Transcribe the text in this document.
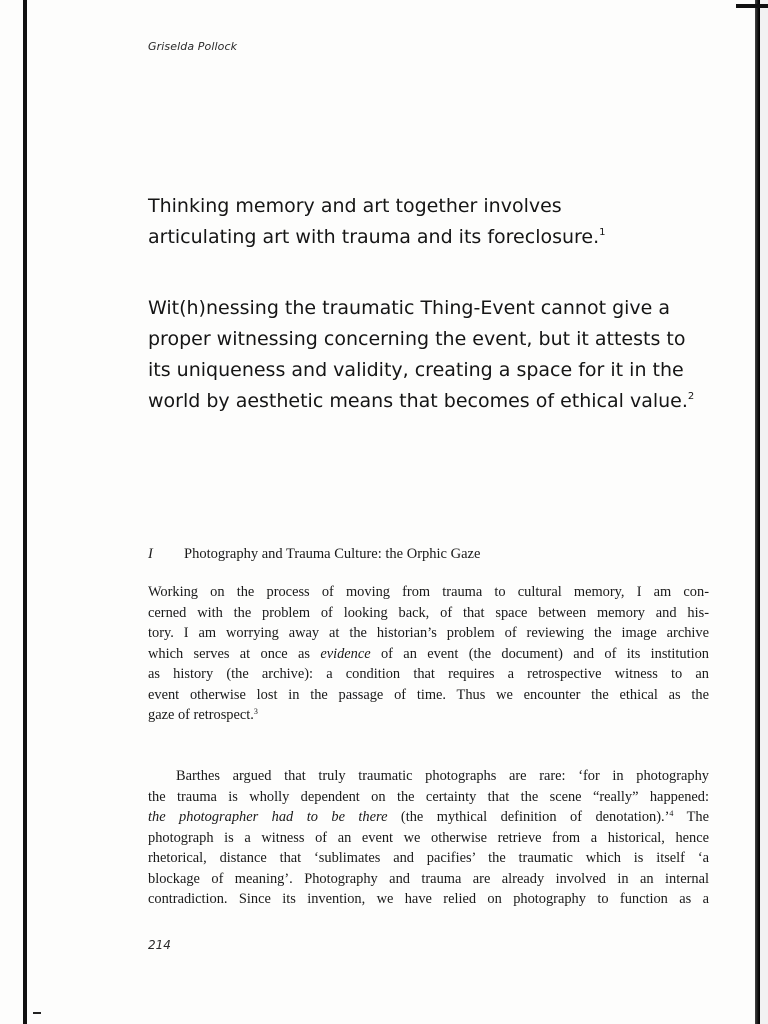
Griselda Pollock
Thinking memory and art together involves
articulating art with trauma and its foreclosure.$^1$
Wit(h)nessing the traumatic Thing-Event cannot give a
proper witnessing concerning the event, but it attests to
its uniqueness and validity, creating a space for it in the
world by aesthetic means that becomes of ethical value.$^2$
I Photography and Trauma Culture: the Orphic Gaze
Working on the process of moving from trauma to cultural memory, I am con-
cerned with the problem of looking back, of that space between memory and his-
tory. I am worrying away at the historian’s problem of reviewing the image archive
which serves at once as evidence of an event (the document) and of its institution
as history (the archive): a condition that requires a retrospective witness to an
event otherwise lost in the passage of time. Thus we encounter the ethical as the
gaze of retrospect.$^3$
Barthes argued that truly traumatic photographs are rare: ‘for in photography
the trauma is wholly dependent on the certainty that the scene “really” happened:
the photographer had to be there (the mythical definition of denotation).’$^4$ The
photograph is a witness of an event we otherwise retrieve from a historical, hence
rhetorical, distance that ‘sublimates and pacifies’ the traumatic which is itself ‘a
blockage of meaning’. Photography and trauma are already involved in an internal
contradiction. Since its invention, we have relied on photography to function as a
214
